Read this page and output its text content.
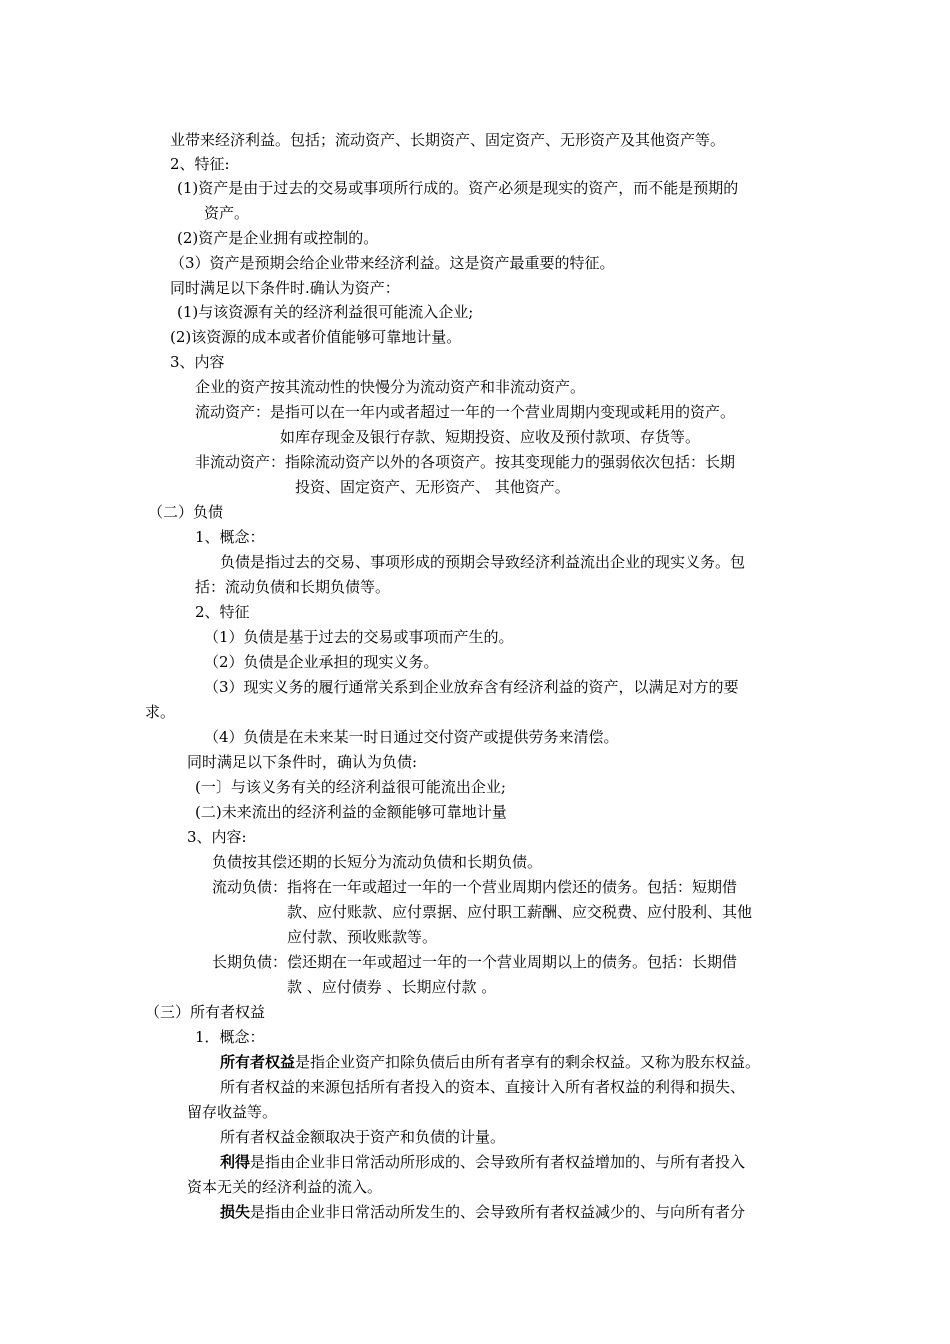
业带来经济利益。包括；流动资产、长期资产、固定资产、无形资产及其他资产等。
2、特征:
(1)资产是由于过去的交易或事项所行成的。资产必须是现实的资产，而不能是预期的
资产。
(2)资产是企业拥有或控制的。
（3）资产是预期会给企业带来经济利益。这是资产最重要的特征。
同时满足以下条件时.确认为资产：
(1)与该资源有关的经济利益很可能流入企业;
(2)该资源的成本或者价值能够可靠地计量。
3、内容
企业的资产按其流动性的快慢分为流动资产和非流动资产。
流动资产：是指可以在一年内或者超过一年的一个营业周期内变现或耗用的资产。
如库存现金及银行存款、短期投资、应收及预付款项、存货等。
非流动资产：指除流动资产以外的各项资产。按其变现能力的强弱依次包括：长期
投资、固定资产、无形资产、 其他资产。
（二）负债
1、概念：
负债是指过去的交易、事项形成的预期会导致经济利益流出企业的现实义务。包
括：流动负债和长期负债等。
2、特征
（1）负债是基于过去的交易或事项而产生的。
（2）负债是企业承担的现实义务。
（3）现实义务的履行通常关系到企业放弃含有经济利益的资产，以满足对方的要
求。
（4）负债是在未来某一时日通过交付资产或提供劳务来清偿。
同时满足以下条件时，确认为负债:
(一〕与该义务有关的经济利益很可能流出企业;
(二)未来流出的经济利益的金额能够可靠地计量
3、内容:
负债按其偿还期的长短分为流动负债和长期负债。
流动负债：指将在一年或超过一年的一个营业周期内偿还的债务。包括：短期借
款、应付账款、应付票据、应付职工薪酬、应交税费、应付股利、其他
应付款、预收账款等。
长期负债：偿还期在一年或超过一年的一个营业周期以上的债务。包括：长期借
款 、应付债券 、长期应付款 。
（三）所有者权益
1．概念：
所有者权益是指企业资产扣除负债后由所有者享有的剩余权益。又称为股东权益。
所有者权益的来源包括所有者投入的资本、直接计入所有者权益的利得和损失、
留存收益等。
所有者权益金额取决于资产和负债的计量。
利得是指由企业非日常活动所形成的、会导致所有者权益增加的、与所有者投入
资本无关的经济利益的流入。
损失是指由企业非日常活动所发生的、会导致所有者权益减少的、与向所有者分
